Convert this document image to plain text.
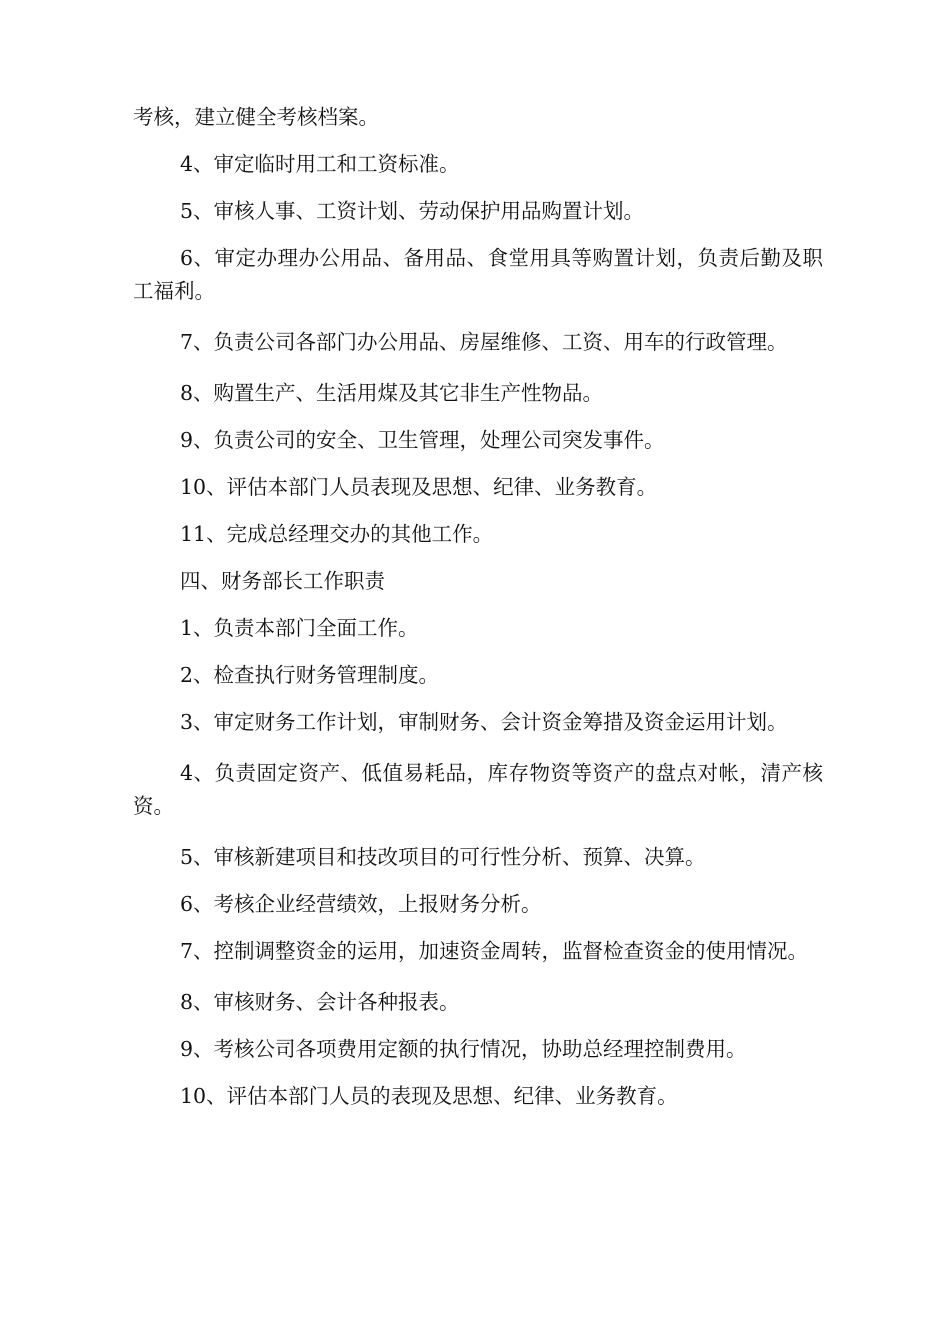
考核，建立健全考核档案。

4、审定临时用工和工资标准。

5、审核人事、工资计划、劳动保护用品购置计划。

6、审定办理办公用品、备用品、食堂用具等购置计划，负责后勤及职工福利。

7、负责公司各部门办公用品、房屋维修、工资、用车的行政管理。

8、购置生产、生活用煤及其它非生产性物品。

9、负责公司的安全、卫生管理，处理公司突发事件。

10、评估本部门人员表现及思想、纪律、业务教育。

11、完成总经理交办的其他工作。

四、财务部长工作职责

1、负责本部门全面工作。

2、检查执行财务管理制度。

3、审定财务工作计划，审制财务、会计资金筹措及资金运用计划。

4、负责固定资产、低值易耗品，库存物资等资产的盘点对帐，清产核资。

5、审核新建项目和技改项目的可行性分析、预算、决算。

6、考核企业经营绩效，上报财务分析。

7、控制调整资金的运用，加速资金周转，监督检查资金的使用情况。

8、审核财务、会计各种报表。

9、考核公司各项费用定额的执行情况，协助总经理控制费用。

10、评估本部门人员的表现及思想、纪律、业务教育。
